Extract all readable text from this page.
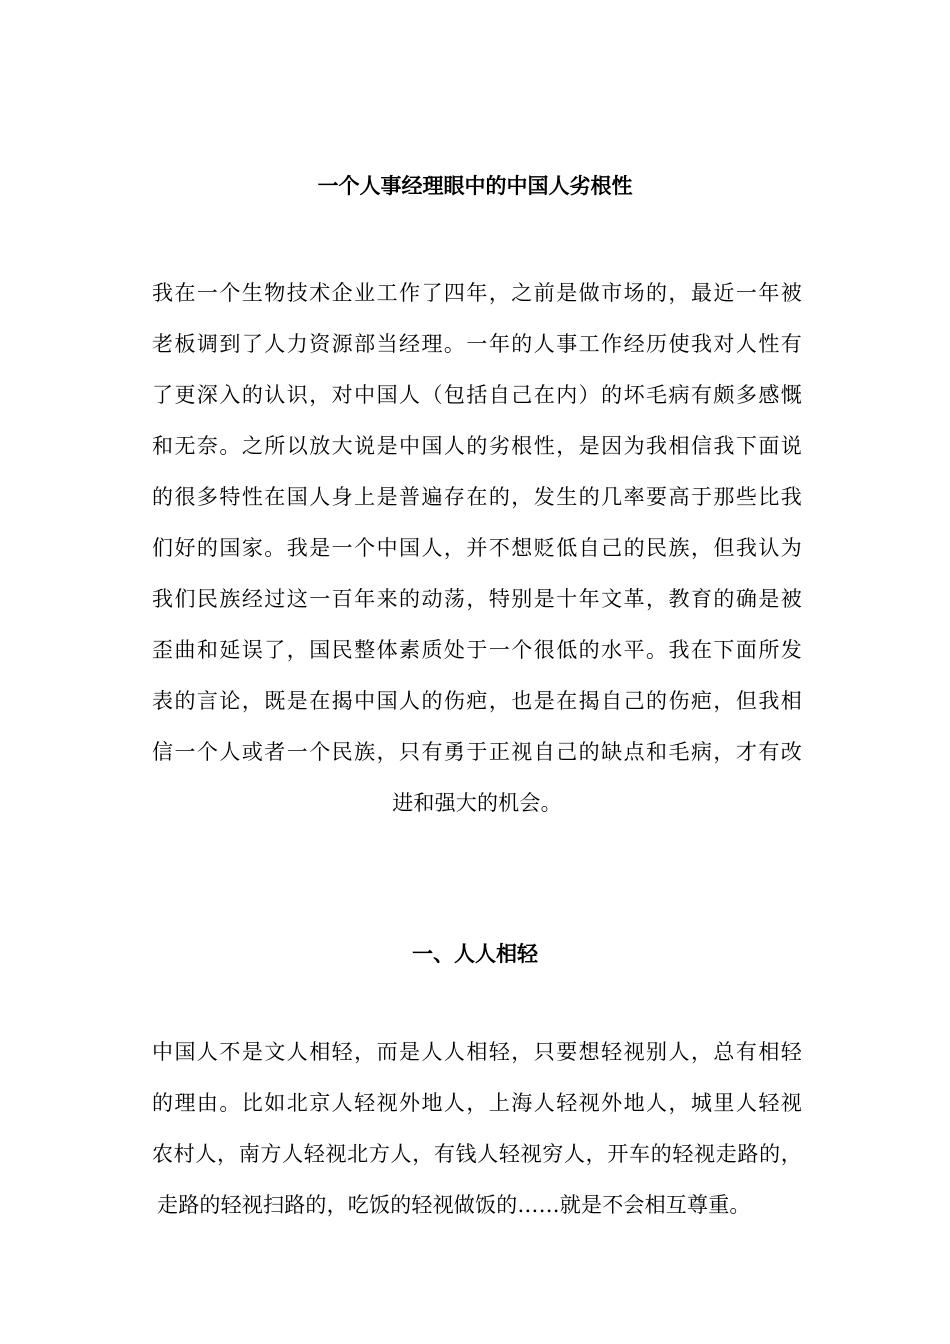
一个人事经理眼中的中国人劣根性
我在一个生物技术企业工作了四年，之前是做市场的，最近一年被
老板调到了人力资源部当经理。一年的人事工作经历使我对人性有
了更深入的认识，对中国人（包括自己在内）的坏毛病有颇多感慨
和无奈。之所以放大说是中国人的劣根性，是因为我相信我下面说
的很多特性在国人身上是普遍存在的，发生的几率要高于那些比我
们好的国家。我是一个中国人，并不想贬低自己的民族，但我认为
我们民族经过这一百年来的动荡，特别是十年文革，教育的确是被
歪曲和延误了，国民整体素质处于一个很低的水平。我在下面所发
表的言论，既是在揭中国人的伤疤，也是在揭自己的伤疤，但我相
信一个人或者一个民族，只有勇于正视自己的缺点和毛病，才有改
进和强大的机会。
一、人人相轻
中国人不是文人相轻，而是人人相轻，只要想轻视别人，总有相轻
的理由。比如北京人轻视外地人，上海人轻视外地人，城里人轻视
农村人，南方人轻视北方人，有钱人轻视穷人，开车的轻视走路的，
走路的轻视扫路的，吃饭的轻视做饭的……就是不会相互尊重。
